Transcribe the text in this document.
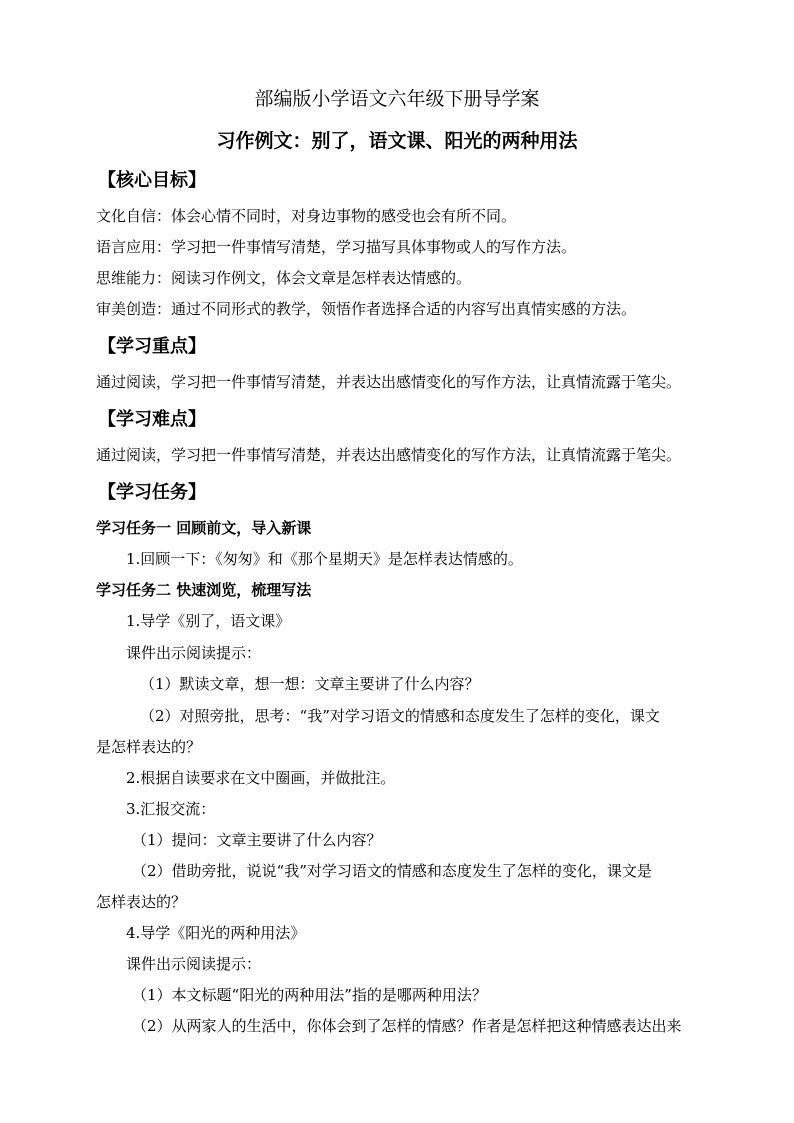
部编版小学语文六年级下册导学案
习作例文：别了，语文课、阳光的两种用法
【核心目标】
文化自信：体会心情不同时，对身边事物的感受也会有所不同。
语言应用：学习把一件事情写清楚，学习描写具体事物或人的写作方法。
思维能力：阅读习作例文，体会文章是怎样表达情感的。
审美创造：通过不同形式的教学，领悟作者选择合适的内容写出真情实感的方法。
【学习重点】
通过阅读，学习把一件事情写清楚，并表达出感情变化的写作方法，让真情流露于笔尖。
【学习难点】
通过阅读，学习把一件事情写清楚，并表达出感情变化的写作方法，让真情流露于笔尖。
【学习任务】
学习任务一 回顾前文，导入新课
1.回顾一下：《匆匆》和《那个星期天》是怎样表达情感的。
学习任务二 快速浏览，梳理写法
1.导学《别了，语文课》
课件出示阅读提示：
（1）默读文章，想一想：文章主要讲了什么内容？
（2）对照旁批，思考：“我”对学习语文的情感和态度发生了怎样的变化，课文
是怎样表达的？
2.根据自读要求在文中圈画，并做批注。
3.汇报交流：
（1）提问：文章主要讲了什么内容？
（2）借助旁批，说说“我”对学习语文的情感和态度发生了怎样的变化，课文是
怎样表达的？
4.导学《阳光的两种用法》
课件出示阅读提示：
（1）本文标题“阳光的两种用法”指的是哪两种用法？
（2）从两家人的生活中，你体会到了怎样的情感？作者是怎样把这种情感表达出来
